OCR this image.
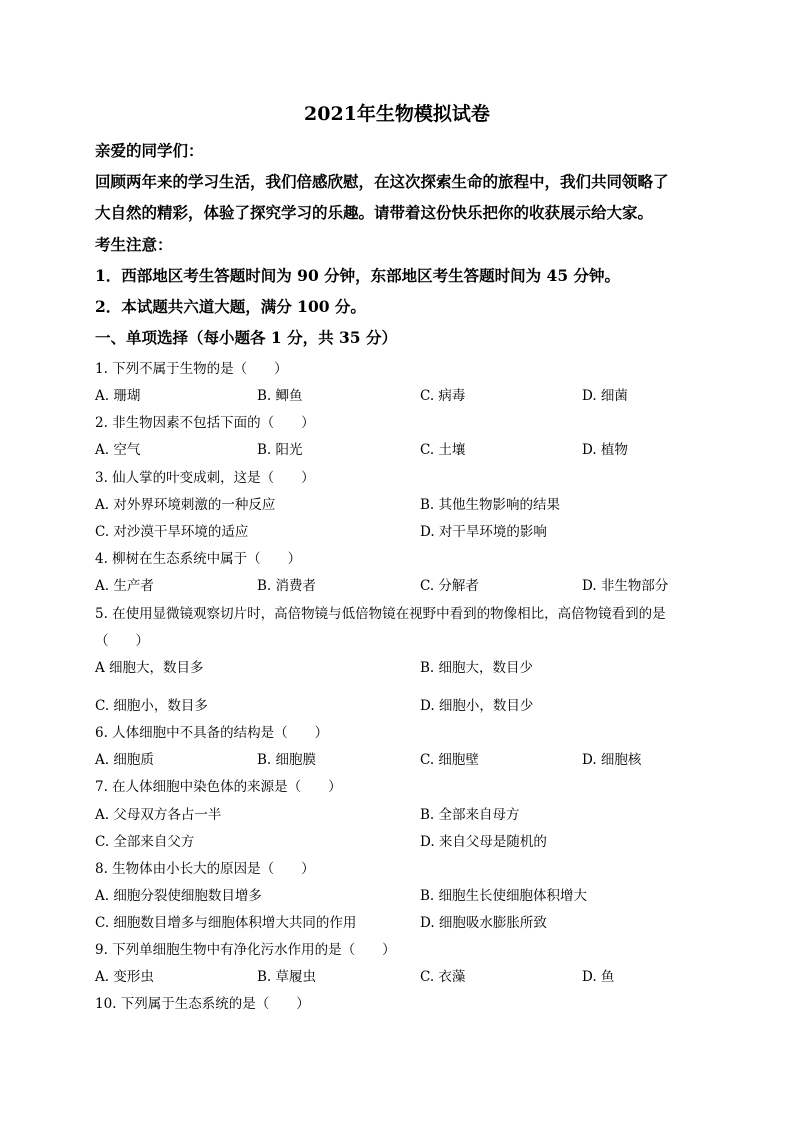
2021年生物模拟试卷
亲爱的同学们：
回顾两年来的学习生活，我们倍感欣慰，在这次探索生命的旅程中，我们共同领略了
大自然的精彩，体验了探究学习的乐趣。请带着这份快乐把你的收获展示给大家。
考生注意：
1．西部地区考生答题时间为 90 分钟，东部地区考生答题时间为 45 分钟。
2．本试题共六道大题，满分 100 分。
一、单项选择（每小题各 1 分，共 35 分）
1. 下列不属于生物的是（　　）
A. 珊瑚	B. 鲫鱼	C. 病毒	D. 细菌
2. 非生物因素不包括下面的（　　）
A. 空气	B. 阳光	C. 土壤	D. 植物
3. 仙人掌的叶变成刺，这是（　　）
A. 对外界环境刺激的一种反应	B. 其他生物影响的结果
C. 对沙漠干旱环境的适应	D. 对干旱环境的影响
4. 柳树在生态系统中属于（　　）
A. 生产者	B. 消费者	C. 分解者	D. 非生物部分
5. 在使用显微镜观察切片时，高倍物镜与低倍物镜在视野中看到的物像相比，高倍物镜看到的是
（　　）
A 细胞大，数目多	B. 细胞大，数目少
C. 细胞小，数目多	D. 细胞小，数目少
6. 人体细胞中不具备的结构是（　　）
A. 细胞质	B. 细胞膜	C. 细胞壁	D. 细胞核
7. 在人体细胞中染色体的来源是（　　）
A. 父母双方各占一半	B. 全部来自母方
C. 全部来自父方	D. 来自父母是随机的
8. 生物体由小长大的原因是（　　）
A. 细胞分裂使细胞数目增多	B. 细胞生长使细胞体积增大
C. 细胞数目增多与细胞体积增大共同的作用	D. 细胞吸水膨胀所致
9. 下列单细胞生物中有净化污水作用的是（　　）
A. 变形虫	B. 草履虫	C. 衣藻	D. 鱼
10. 下列属于生态系统的是（　　）
